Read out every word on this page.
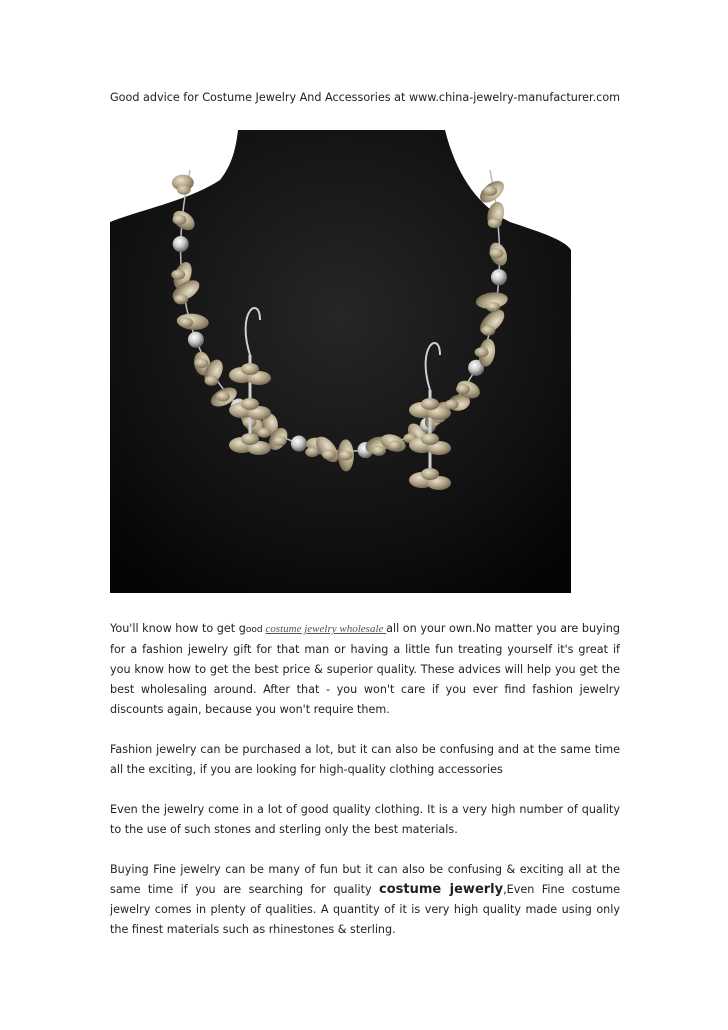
Good advice for Costume Jewelry And Accessories at www.china-jewelry-manufacturer.com

You'll know how to get good costume jewelry wholesale all on your own.No matter you are buying for a fashion jewelry gift for that man or having a little fun treating yourself it's great if you know how to get the best price & superior quality. These advices will help you get the best wholesaling around. After that - you won't care if you ever find fashion jewelry discounts again, because you won't require them.

Fashion jewelry can be purchased a lot, but it can also be confusing and at the same time all the exciting, if you are looking for high-quality clothing accessories

Even the jewelry come in a lot of good quality clothing. It is a very high number of quality to the use of such stones and sterling only the best materials.

Buying Fine jewelry can be many of fun but it can also be confusing & exciting all at the same time if you are searching for quality costume jewerly,Even Fine costume jewelry comes in plenty of qualities. A quantity of it is very high quality made using only the finest materials such as rhinestones & sterling.
